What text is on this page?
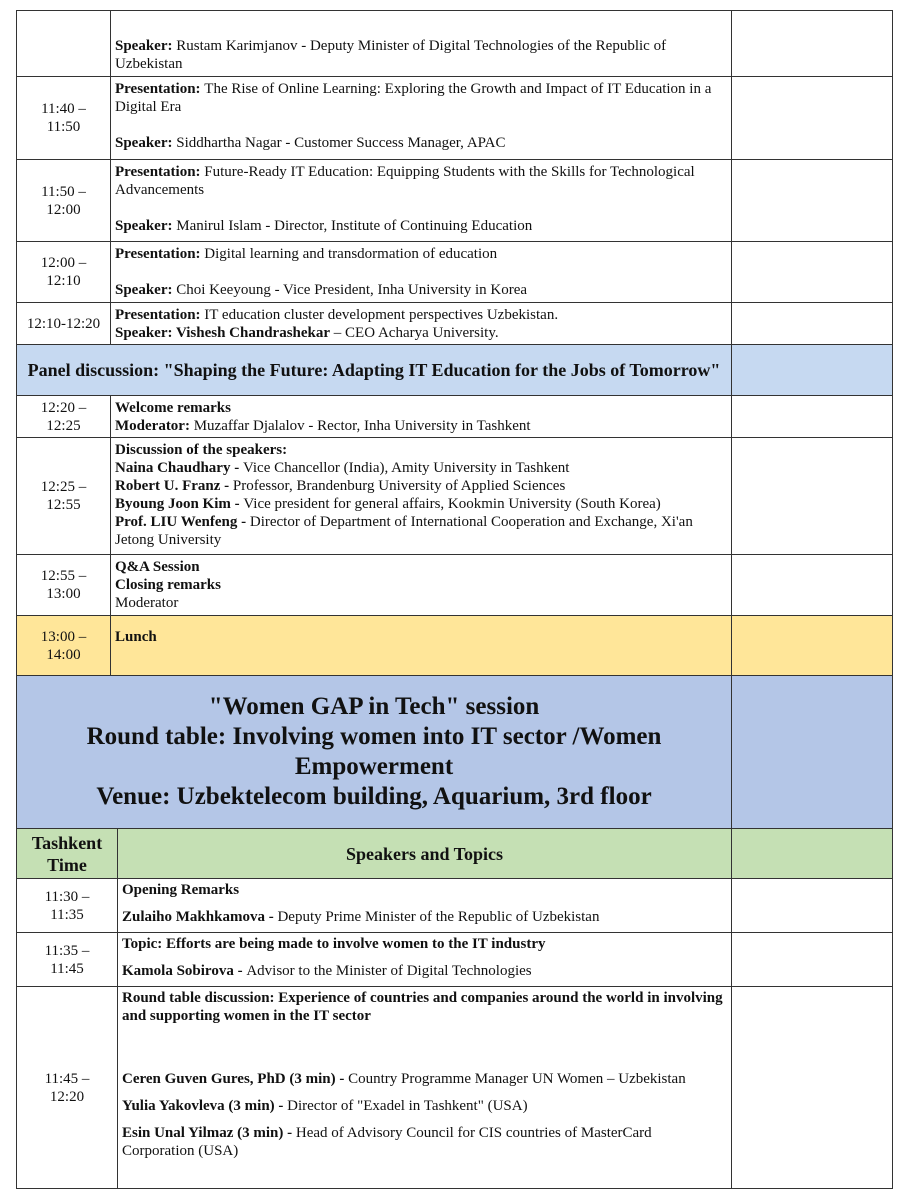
	Speaker: Rustam Karimjanov - Deputy Minister of Digital Technologies of the Republic of Uzbekistan	

11:40 –
11:50	Presentation: The Rise of Online Learning: Exploring the Growth and Impact of IT Education in a Digital Era
Speaker: Siddhartha Nagar - Customer Success Manager, APAC	

11:50 –
12:00	Presentation: Future-Ready IT Education: Equipping Students with the Skills for Technological Advancements
Speaker: Manirul Islam - Director, Institute of Continuing Education	

12:00 –
12:10	Presentation: Digital learning and transdormation of education
Speaker: Choi Keeyoung - Vice President, Inha University in Korea	

12:10-12:20	Presentation: IT education cluster development perspectives Uzbekistan.
Speaker: Vishesh Chandrashekar – CEO Acharya University.	

Panel discussion: "Shaping the Future: Adapting IT Education for the Jobs of Tomorrow"		

12:20 –
12:25	Welcome remarks
Moderator: Muzaffar Djalalov - Rector, Inha University in Tashkent	

12:25 –
12:55	Discussion of the speakers:
Naina Chaudhary - Vice Chancellor (India), Amity University in Tashkent
Robert U. Franz - Professor, Brandenburg University of Applied Sciences
Byoung Joon Kim - Vice president for general affairs, Kookmin University (South Korea)
Prof. LIU Wenfeng - Director of Department of International Cooperation and Exchange, Xi'an Jetong University	

12:55 –
13:00	Q&A Session
Closing remarks
Moderator	

13:00 –
14:00	Lunch	

"Women GAP in Tech" session
Round table: Involving women into IT sector /Women Empowerment
Venue: Uzbektelecom building, Aquarium, 3rd floor		

Tashkent Time	Speakers and Topics	

11:30 –
11:35	Opening Remarks
Zulaiho Makhkamova - Deputy Prime Minister of the Republic of Uzbekistan	

11:35 –
11:45	Topic: Efforts are being made to involve women to the IT industry
Kamola Sobirova - Advisor to the Minister of Digital Technologies	

11:45 –
12:20	Round table discussion: Experience of countries and companies around the world in involving and supporting women in the IT sector
Ceren Guven Gures, PhD (3 min) - Country Programme Manager UN Women – Uzbekistan
Yulia Yakovleva (3 min) - Director of "Exadel in Tashkent" (USA)
Esin Unal Yilmaz (3 min) - Head of Advisory Council for CIS countries of MasterCard Corporation (USA)	
